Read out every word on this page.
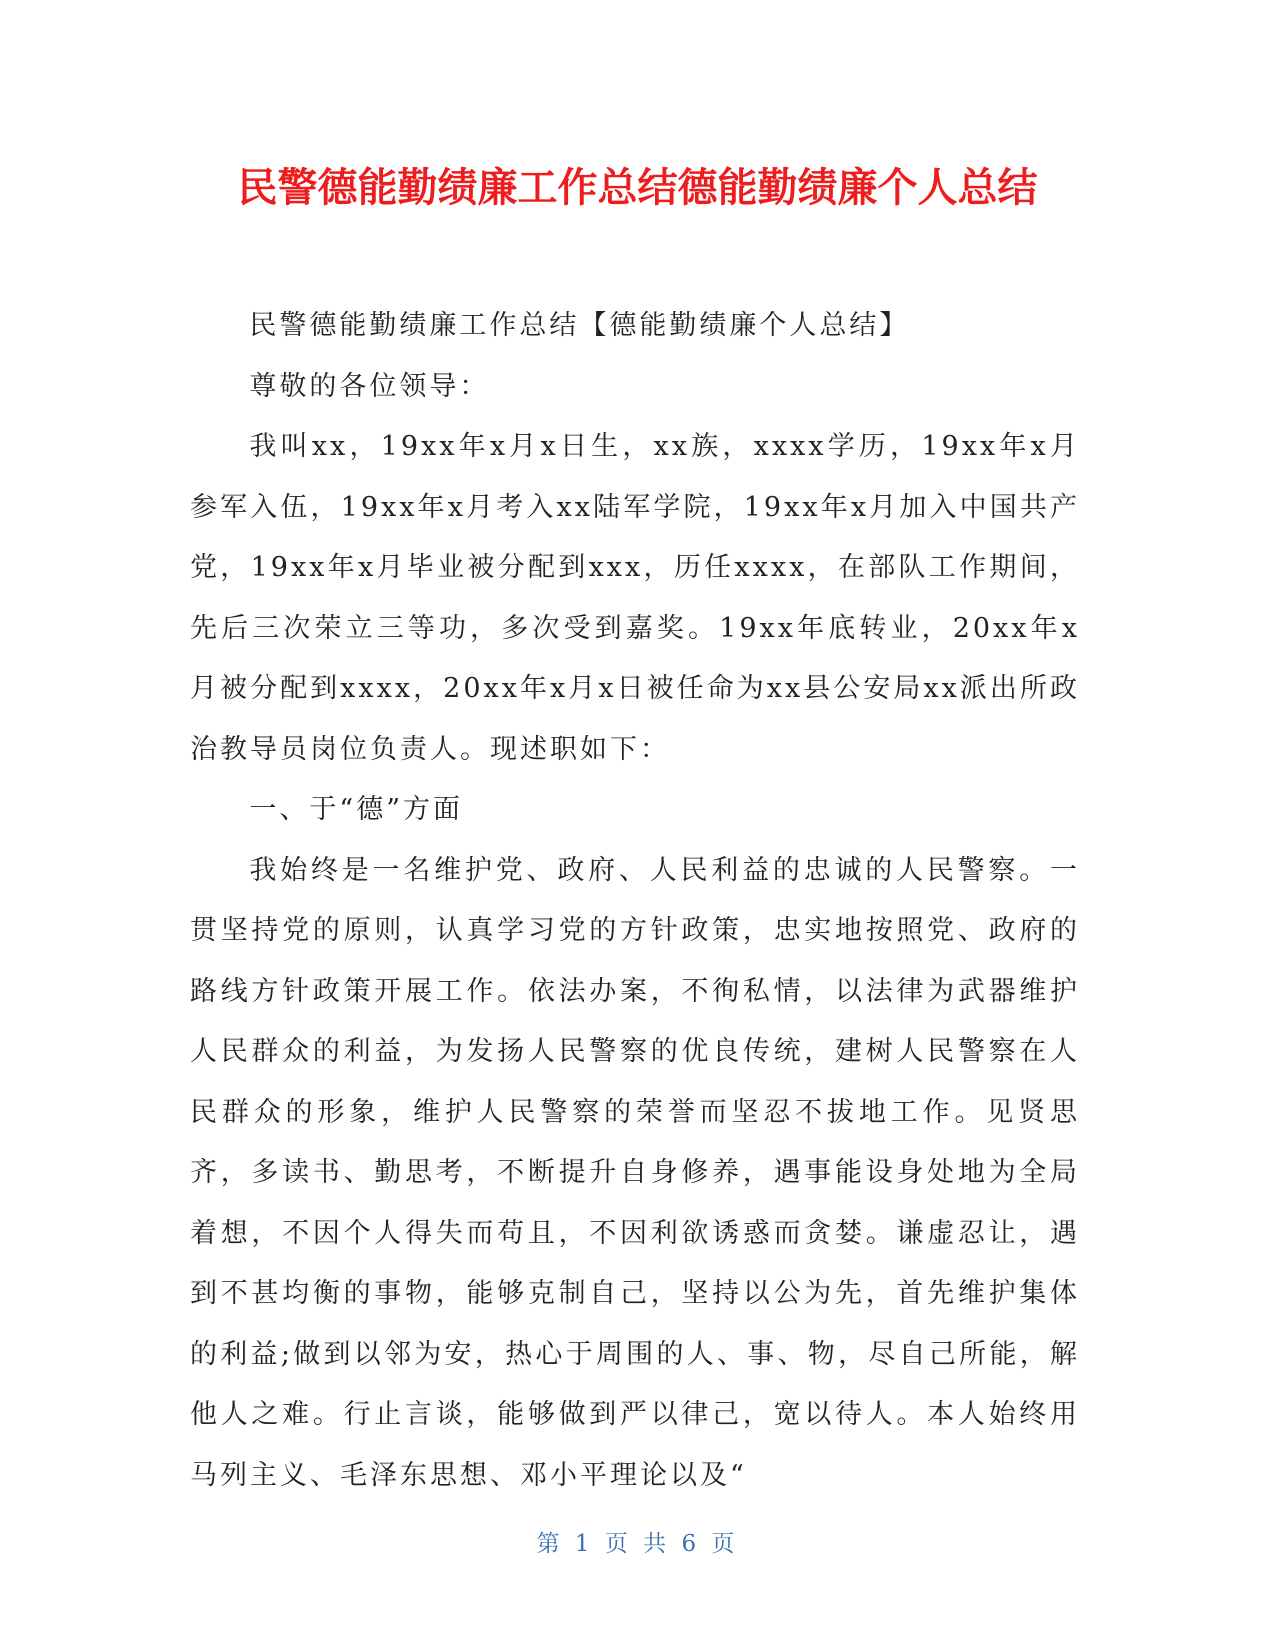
民警德能勤绩廉工作总结德能勤绩廉个人总结

民警德能勤绩廉工作总结【德能勤绩廉个人总结】

尊敬的各位领导：

我叫xx，19xx年x月x日生，xx族，xxxx学历，19xx年x月参军入伍，19xx年x月考入xx陆军学院，19xx年x月加入中国共产党，19xx年x月毕业被分配到xxx，历任xxxx，在部队工作期间，先后三次荣立三等功，多次受到嘉奖。19xx年底转业，20xx年x月被分配到xxxx，20xx年x月x日被任命为xx县公安局xx派出所政治教导员岗位负责人。现述职如下：

一、于“德”方面

我始终是一名维护党、政府、人民利益的忠诚的人民警察。一贯坚持党的原则，认真学习党的方针政策，忠实地按照党、政府的路线方针政策开展工作。依法办案，不徇私情，以法律为武器维护人民群众的利益，为发扬人民警察的优良传统，建树人民警察在人民群众的形象，维护人民警察的荣誉而坚忍不拔地工作。见贤思齐，多读书、勤思考，不断提升自身修养，遇事能设身处地为全局着想，不因个人得失而苟且，不因利欲诱惑而贪婪。谦虚忍让，遇到不甚均衡的事物，能够克制自己，坚持以公为先，首先维护集体的利益;做到以邻为安，热心于周围的人、事、物，尽自己所能，解他人之难。行止言谈，能够做到严以律己，宽以待人。本人始终用马列主义、毛泽东思想、邓小平理论以及“

第 1 页 共 6 页
